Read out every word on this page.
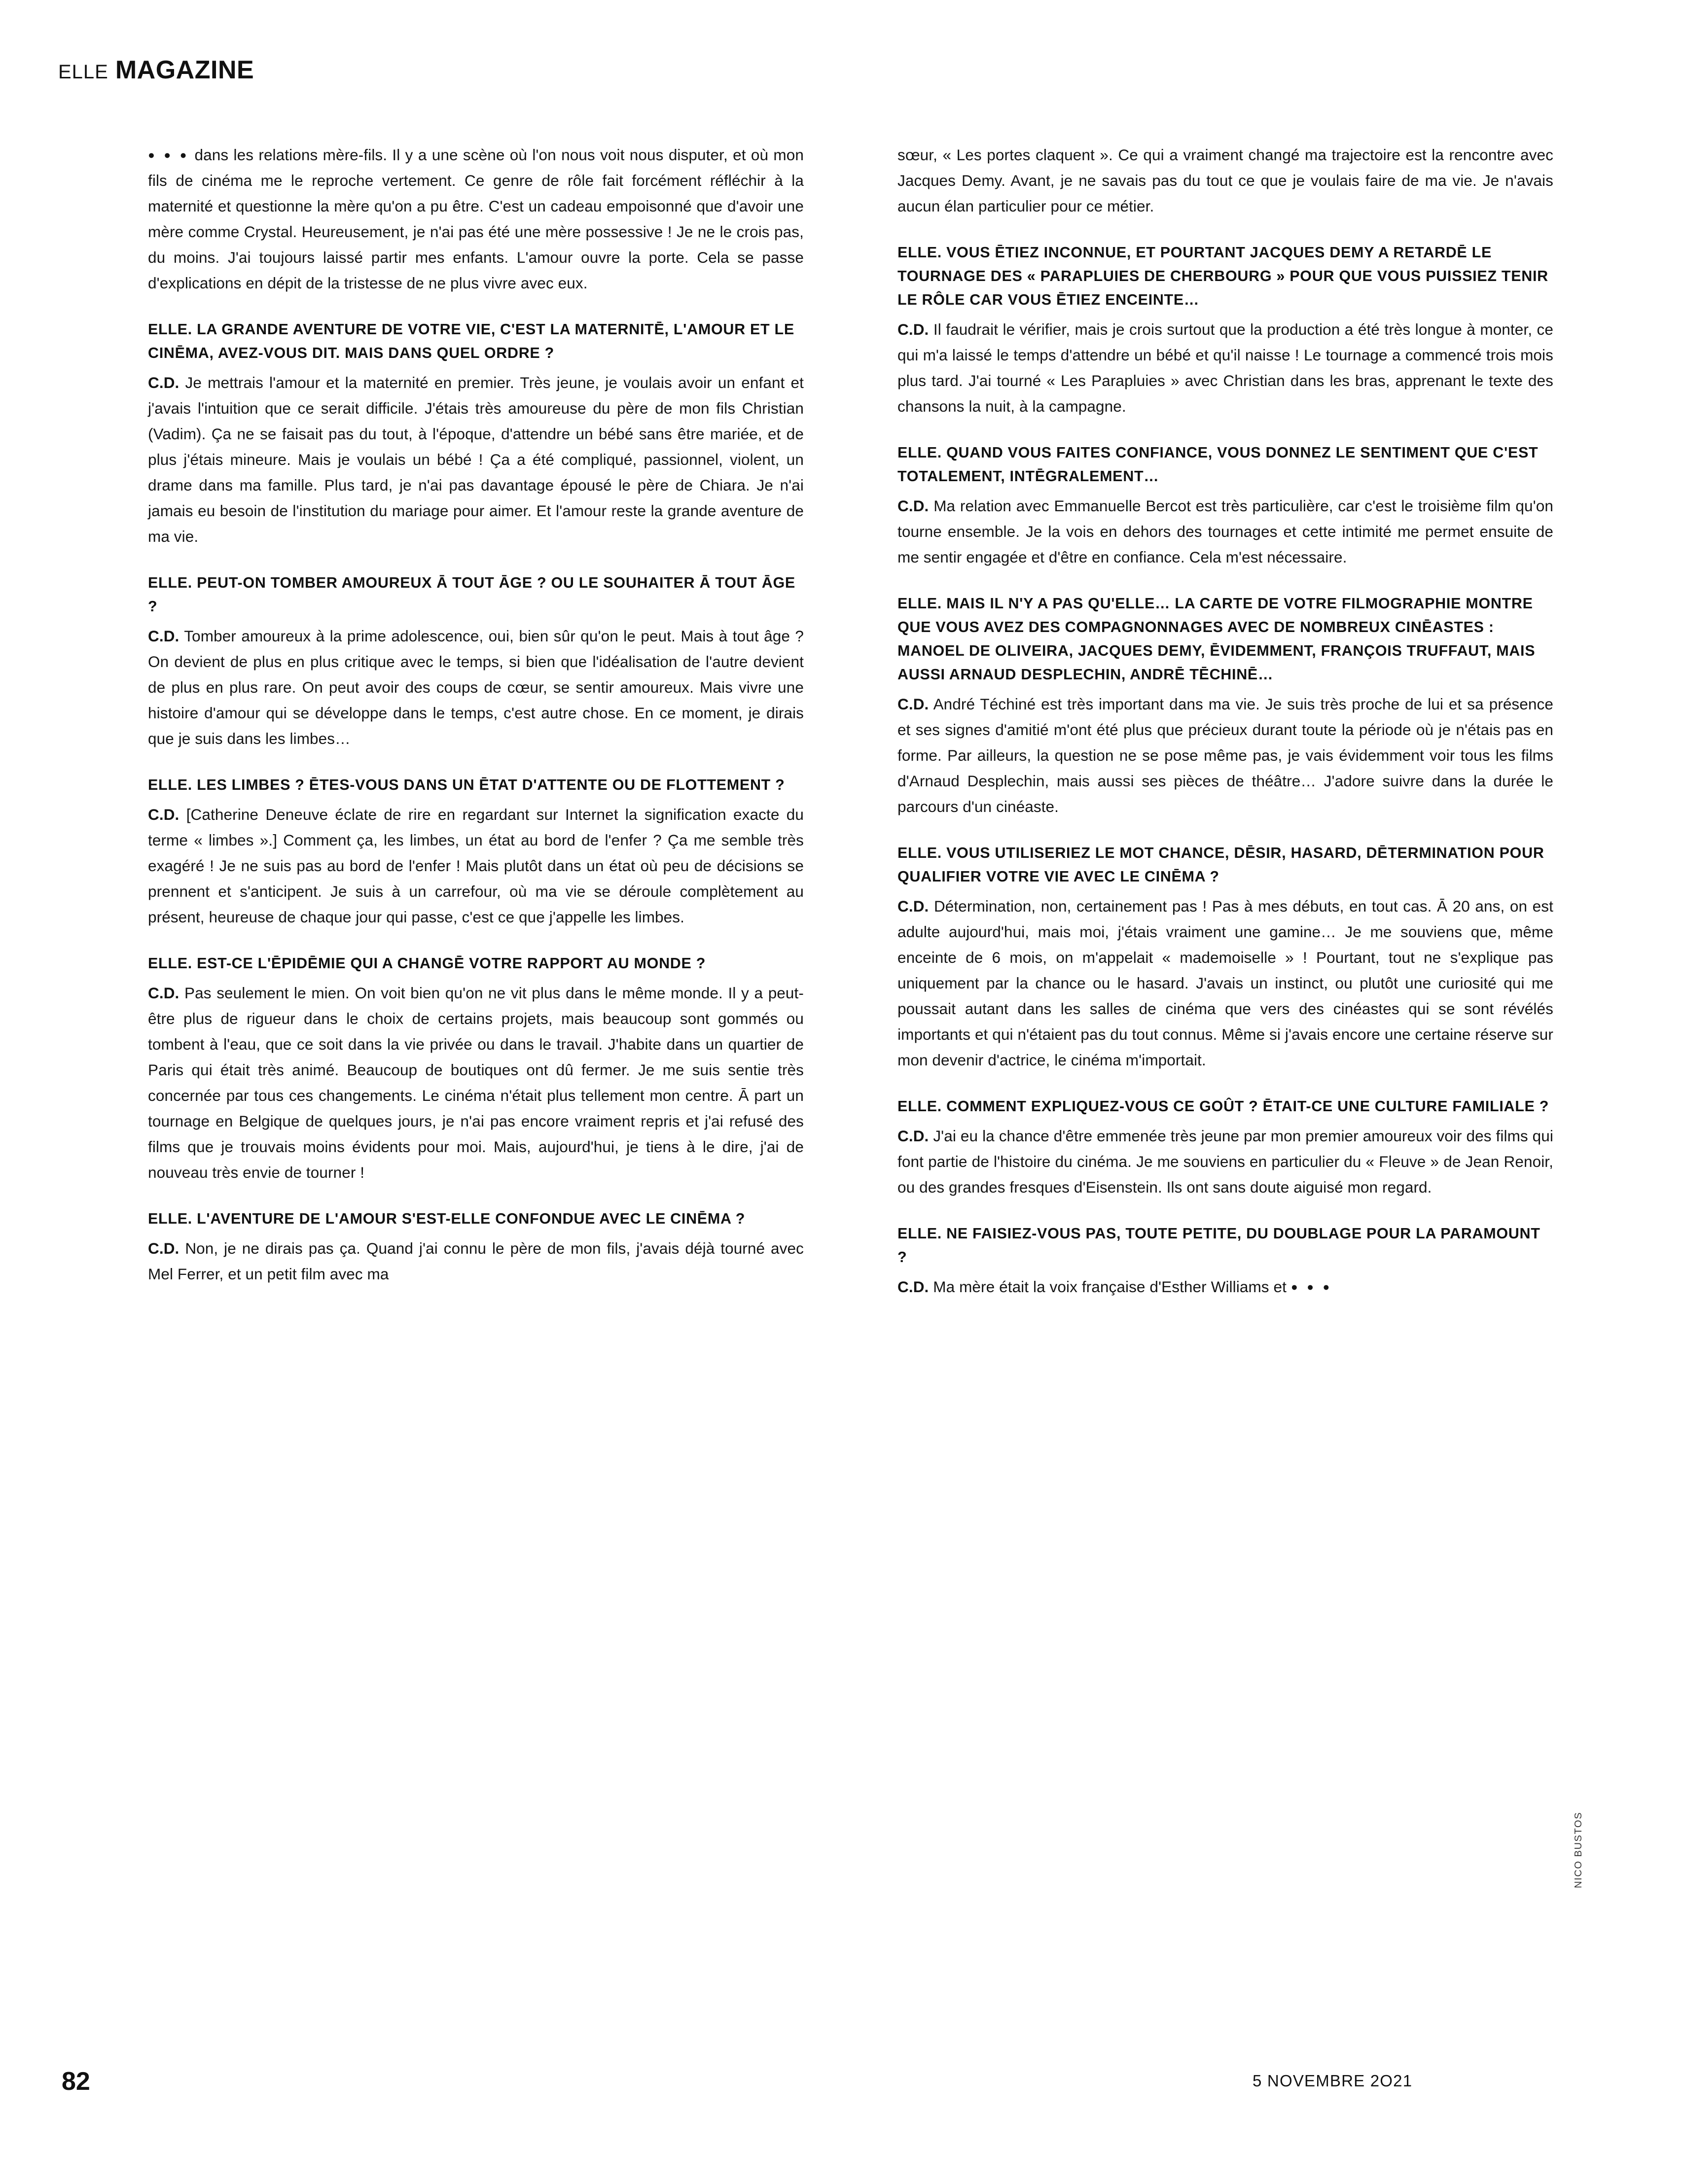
ELLE MAGAZINE

● ● ● dans les relations mère-fils. Il y a une scène où l'on nous voit nous disputer, et où mon fils de cinéma me le reproche vertement. Ce genre de rôle fait forcément réfléchir à la maternité et questionne la mère qu'on a pu être. C'est un cadeau empoisonné que d'avoir une mère comme Crystal. Heureusement, je n'ai pas été une mère possessive ! Je ne le crois pas, du moins. J'ai toujours laissé partir mes enfants. L'amour ouvre la porte. Cela se passe d'explications en dépit de la tristesse de ne plus vivre avec eux.

ELLE. LA GRANDE AVENTURE DE VOTRE VIE, C'EST LA MATERNITĒ, L'AMOUR ET LE CINĒMA, AVEZ-VOUS DIT. MAIS DANS QUEL ORDRE ?

C.D. Je mettrais l'amour et la maternité en premier. Très jeune, je voulais avoir un enfant et j'avais l'intuition que ce serait difficile. J'étais très amoureuse du père de mon fils Christian (Vadim). Ça ne se faisait pas du tout, à l'époque, d'attendre un bébé sans être mariée, et de plus j'étais mineure. Mais je voulais un bébé ! Ça a été compliqué, passionnel, violent, un drame dans ma famille. Plus tard, je n'ai pas davantage épousé le père de Chiara. Je n'ai jamais eu besoin de l'institution du mariage pour aimer. Et l'amour reste la grande aventure de ma vie.

ELLE. PEUT-ON TOMBER AMOUREUX Ā TOUT ĀGE ? OU LE SOUHAITER Ā TOUT ĀGE ?

C.D. Tomber amoureux à la prime adolescence, oui, bien sûr qu'on le peut. Mais à tout âge ? On devient de plus en plus critique avec le temps, si bien que l'idéalisation de l'autre devient de plus en plus rare. On peut avoir des coups de cœur, se sentir amoureux. Mais vivre une histoire d'amour qui se développe dans le temps, c'est autre chose. En ce moment, je dirais que je suis dans les limbes…

ELLE. LES LIMBES ? ĒTES-VOUS DANS UN ĒTAT D'ATTENTE OU DE FLOTTEMENT ?

C.D. [Catherine Deneuve éclate de rire en regardant sur Internet la signification exacte du terme « limbes ».] Comment ça, les limbes, un état au bord de l'enfer ? Ça me semble très exagéré ! Je ne suis pas au bord de l'enfer ! Mais plutôt dans un état où peu de décisions se prennent et s'anticipent. Je suis à un carrefour, où ma vie se déroule complètement au présent, heureuse de chaque jour qui passe, c'est ce que j'appelle les limbes.

ELLE. EST-CE L'ĒPIDĒMIE QUI A CHANGĒ VOTRE RAPPORT AU MONDE ?

C.D. Pas seulement le mien. On voit bien qu'on ne vit plus dans le même monde. Il y a peut-être plus de rigueur dans le choix de certains projets, mais beaucoup sont gommés ou tombent à l'eau, que ce soit dans la vie privée ou dans le travail. J'habite dans un quartier de Paris qui était très animé. Beaucoup de boutiques ont dû fermer. Je me suis sentie très concernée par tous ces changements. Le cinéma n'était plus tellement mon centre. Ā part un tournage en Belgique de quelques jours, je n'ai pas encore vraiment repris et j'ai refusé des films que je trouvais moins évidents pour moi. Mais, aujourd'hui, je tiens à le dire, j'ai de nouveau très envie de tourner !

ELLE. L'AVENTURE DE L'AMOUR S'EST-ELLE CONFONDUE AVEC LE CINĒMA ?

C.D. Non, je ne dirais pas ça. Quand j'ai connu le père de mon fils, j'avais déjà tourné avec Mel Ferrer, et un petit film avec ma

sœur, « Les portes claquent ». Ce qui a vraiment changé ma trajectoire est la rencontre avec Jacques Demy. Avant, je ne savais pas du tout ce que je voulais faire de ma vie. Je n'avais aucun élan particulier pour ce métier.

ELLE. VOUS ĒTIEZ INCONNUE, ET POURTANT JACQUES DEMY A RETARDĒ LE TOURNAGE DES « PARAPLUIES DE CHERBOURG » POUR QUE VOUS PUISSIEZ TENIR LE RÔLE CAR VOUS ĒTIEZ ENCEINTE…

C.D. Il faudrait le vérifier, mais je crois surtout que la production a été très longue à monter, ce qui m'a laissé le temps d'attendre un bébé et qu'il naisse ! Le tournage a commencé trois mois plus tard. J'ai tourné « Les Parapluies » avec Christian dans les bras, apprenant le texte des chansons la nuit, à la campagne.

ELLE. QUAND VOUS FAITES CONFIANCE, VOUS DONNEZ LE SENTIMENT QUE C'EST TOTALEMENT, INTĒGRALEMENT…

C.D. Ma relation avec Emmanuelle Bercot est très particulière, car c'est le troisième film qu'on tourne ensemble. Je la vois en dehors des tournages et cette intimité me permet ensuite de me sentir engagée et d'être en confiance. Cela m'est nécessaire.

ELLE. MAIS IL N'Y A PAS QU'ELLE… LA CARTE DE VOTRE FILMOGRAPHIE MONTRE QUE VOUS AVEZ DES COMPAGNONNAGES AVEC DE NOMBREUX CINĒASTES : MANOEL DE OLIVEIRA, JACQUES DEMY, ĒVIDEMMENT, FRANÇOIS TRUFFAUT, MAIS AUSSI ARNAUD DESPLECHIN, ANDRĒ TĒCHINĒ…

C.D. André Téchiné est très important dans ma vie. Je suis très proche de lui et sa présence et ses signes d'amitié m'ont été plus que précieux durant toute la période où je n'étais pas en forme. Par ailleurs, la question ne se pose même pas, je vais évidemment voir tous les films d'Arnaud Desplechin, mais aussi ses pièces de théâtre… J'adore suivre dans la durée le parcours d'un cinéaste.

ELLE. VOUS UTILISERIEZ LE MOT CHANCE, DĒSIR, HASARD, DĒTERMINATION POUR QUALIFIER VOTRE VIE AVEC LE CINĒMA ?

C.D. Détermination, non, certainement pas ! Pas à mes débuts, en tout cas. Ā 20 ans, on est adulte aujourd'hui, mais moi, j'étais vraiment une gamine… Je me souviens que, même enceinte de 6 mois, on m'appelait « mademoiselle » ! Pourtant, tout ne s'explique pas uniquement par la chance ou le hasard. J'avais un instinct, ou plutôt une curiosité qui me poussait autant dans les salles de cinéma que vers des cinéastes qui se sont révélés importants et qui n'étaient pas du tout connus. Même si j'avais encore une certaine réserve sur mon devenir d'actrice, le cinéma m'importait.

ELLE. COMMENT EXPLIQUEZ-VOUS CE GOÛT ? ĒTAIT-CE UNE CULTURE FAMILIALE ?

C.D. J'ai eu la chance d'être emmenée très jeune par mon premier amoureux voir des films qui font partie de l'histoire du cinéma. Je me souviens en particulier du « Fleuve » de Jean Renoir, ou des grandes fresques d'Eisenstein. Ils ont sans doute aiguisé mon regard.

ELLE. NE FAISIEZ-VOUS PAS, TOUTE PETITE, DU DOUBLAGE POUR LA PARAMOUNT ?

C.D. Ma mère était la voix française d'Esther Williams et ● ● ●

NICO BUSTOS
82	5 NOVEMBRE 2O21
